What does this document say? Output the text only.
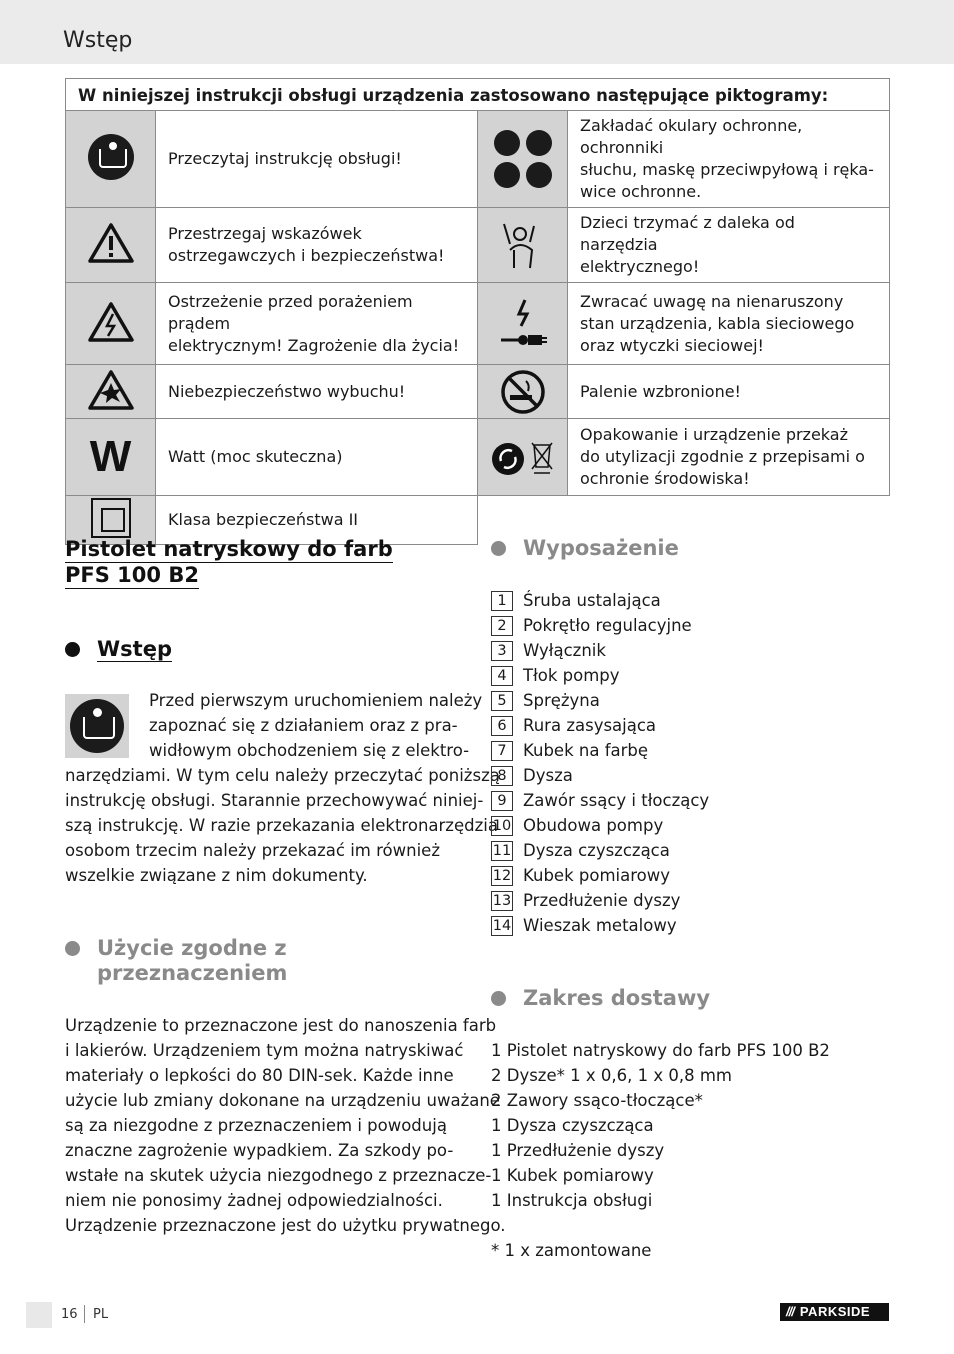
Wstęp
W niniejszej instrukcji obsługi urządzenia zastosowano następujące piktogramy:			
	Przeczytaj instrukcję obsługi!		Zakładać okulary ochronne, ochronniki
słuchu, maskę przeciwpyłową i ręka-
wice ochronne.
	Przestrzegaj wskazówek
ostrzegawczych i bezpieczeństwa!		Dzieci trzymać z daleka od narzędzia
elektrycznego!
	Ostrzeżenie przed porażeniem prądem
elektrycznym! Zagrożenie dla życia!		Zwracać uwagę na nienaruszony
stan urządzenia, kabla sieciowego
oraz wtyczki sieciowej!
	Niebezpieczeństwo wybuchu!		Palenie wzbronione!
W	Watt (moc skuteczna)		Opakowanie i urządzenie przekaż
do utylizacji zgodnie z przepisami o
ochronie środowiska!
	Klasa bezpieczeństwa II		
Pistolet natryskowy do farb
PFS 100 B2
Wstęp
Przed pierwszym uruchomieniem należy
zapoznać się z działaniem oraz z pra-
widłowym obchodzeniem się z elektro-
narzędziami. W tym celu należy przeczytać poniższą
instrukcję obsługi. Starannie przechowywać niniej-
szą instrukcję. W razie przekazania elektronarzędzia
osobom trzecim należy przekazać im również
wszelkie związane z nim dokumenty.
Użycie zgodne z
przeznaczeniem
Urządzenie to przeznaczone jest do nanoszenia farb
i lakierów. Urządzeniem tym można natryskiwać
materiały o lepkości do 80 DIN-sek. Każde inne
użycie lub zmiany dokonane na urządzeniu uważane
są za niezgodne z przeznaczeniem i powodują
znaczne zagrożenie wypadkiem. Za szkody po-
wstałe na skutek użycia niezgodnego z przeznacze-
niem nie ponosimy żadnej odpowiedzialności.
Urządzenie przeznaczone jest do użytku prywatnego.
Wyposażenie
1 Śruba ustalająca
2 Pokrętło regulacyjne
3 Wyłącznik
4 Tłok pompy
5 Sprężyna
6 Rura zasysająca
7 Kubek na farbę
8 Dysza
9 Zawór ssący i tłoczący
10 Obudowa pompy
11 Dysza czyszcząca
12 Kubek pomiarowy
13 Przedłużenie dyszy
14 Wieszak metalowy
Zakres dostawy
1 Pistolet natryskowy do farb PFS 100 B2
2 Dysze* 1 x 0,6, 1 x 0,8 mm
2 Zawory ssąco-tłoczące*
1 Dysza czyszcząca
1 Przedłużenie dyszy
1 Kubek pomiarowy
1 Instrukcja obsługi
* 1 x zamontowane
16 PL	/// PARKSIDE
